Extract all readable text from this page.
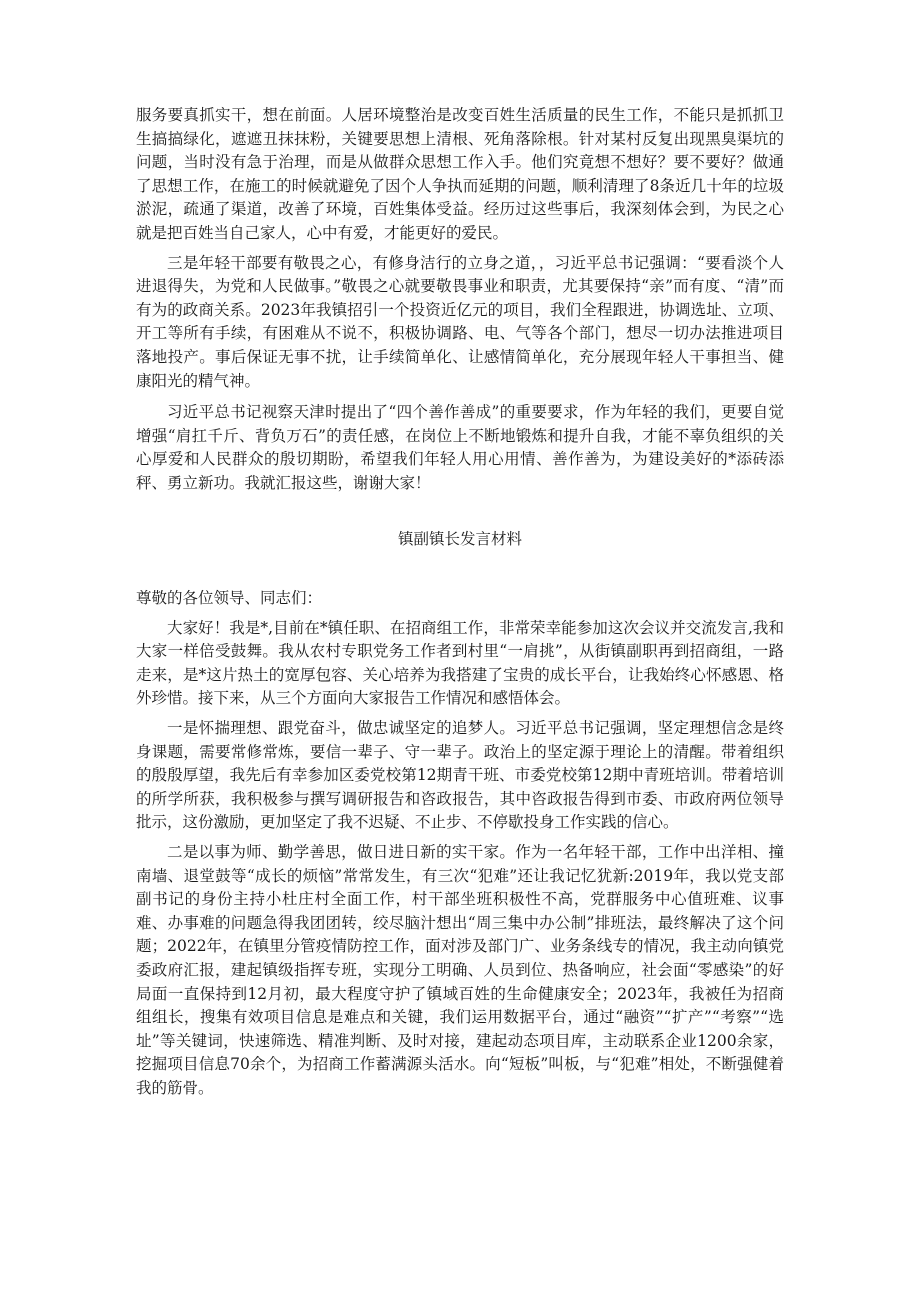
服务要真抓实干，想在前面。人居环境整治是改变百姓生活质量的民生工作，不能只是抓抓卫生搞搞绿化，遮遮丑抹抹粉，关键要思想上清根、死角落除根。针对某村反复出现黑臭渠坑的问题，当时没有急于治理，而是从做群众思想工作入手。他们究竟想不想好？要不要好？做通了思想工作，在施工的时候就避免了因个人争执而延期的问题，顺利清理了8条近几十年的垃圾淤泥，疏通了渠道，改善了环境，百姓集体受益。经历过这些事后，我深刻体会到，为民之心就是把百姓当自己家人，心中有爱，才能更好的爱民。

三是年轻干部要有敬畏之心，有修身洁行的立身之道，，习近平总书记强调：“要看淡个人进退得失，为党和人民做事。”敬畏之心就要敬畏事业和职责，尤其要保持“亲”而有度、“清”而有为的政商关系。2023年我镇招引一个投资近亿元的项目，我们全程跟进，协调选址、立项、开工等所有手续，有困难从不说不，积极协调路、电、气等各个部门，想尽一切办法推进项目落地投产。事后保证无事不扰，让手续简单化、让感情简单化，充分展现年轻人干事担当、健康阳光的精气神。

习近平总书记视察天津时提出了“四个善作善成”的重要要求，作为年轻的我们，更要自觉增强“肩扛千斤、背负万石”的责任感，在岗位上不断地锻炼和提升自我，才能不辜负组织的关心厚爱和人民群众的殷切期盼，希望我们年轻人用心用情、善作善为，为建设美好的*添砖添秤、勇立新功。我就汇报这些，谢谢大家！

镇副镇长发言材料

尊敬的各位领导、同志们：

大家好！我是*,目前在*镇任职、在招商组工作，非常荣幸能参加这次会议并交流发言,我和大家一样倍受鼓舞。我从农村专职党务工作者到村里“一肩挑”，从街镇副职再到招商组，一路走来，是*这片热土的宽厚包容、关心培养为我搭建了宝贵的成长平台，让我始终心怀感恩、格外珍惜。接下来，从三个方面向大家报告工作情况和感悟体会。

一是怀揣理想、跟党奋斗，做忠诚坚定的追梦人。习近平总书记强调，坚定理想信念是终身课题，需要常修常炼，要信一辈子、守一辈子。政治上的坚定源于理论上的清醒。带着组织的殷殷厚望，我先后有幸参加区委党校第12期青干班、市委党校第12期中青班培训。带着培训的所学所获，我积极参与撰写调研报告和咨政报告，其中咨政报告得到市委、市政府两位领导批示，这份激励，更加坚定了我不迟疑、不止步、不停歇投身工作实践的信心。

二是以事为师、勤学善思，做日进日新的实干家。作为一名年轻干部，工作中出洋相、撞南墙、退堂鼓等“成长的烦恼”常常发生，有三次“犯难”还让我记忆犹新:2019年，我以党支部副书记的身份主持小杜庄村全面工作，村干部坐班积极性不高，党群服务中心值班难、议事难、办事难的问题急得我团团转，绞尽脑汁想出“周三集中办公制”排班法，最终解决了这个问题；2022年，在镇里分管疫情防控工作，面对涉及部门广、业务条线专的情况，我主动向镇党委政府汇报，建起镇级指挥专班，实现分工明确、人员到位、热备响应，社会面“零感染”的好局面一直保持到12月初，最大程度守护了镇域百姓的生命健康安全；2023年，我被任为招商组组长，搜集有效项目信息是难点和关键，我们运用数据平台，通过“融资”“扩产”“考察”“选址”等关键词，快速筛选、精准判断、及时对接，建起动态项目库，主动联系企业1200余家，挖掘项目信息70余个，为招商工作蓄满源头活水。向“短板”叫板，与“犯难”相处，不断强健着我的筋骨。
